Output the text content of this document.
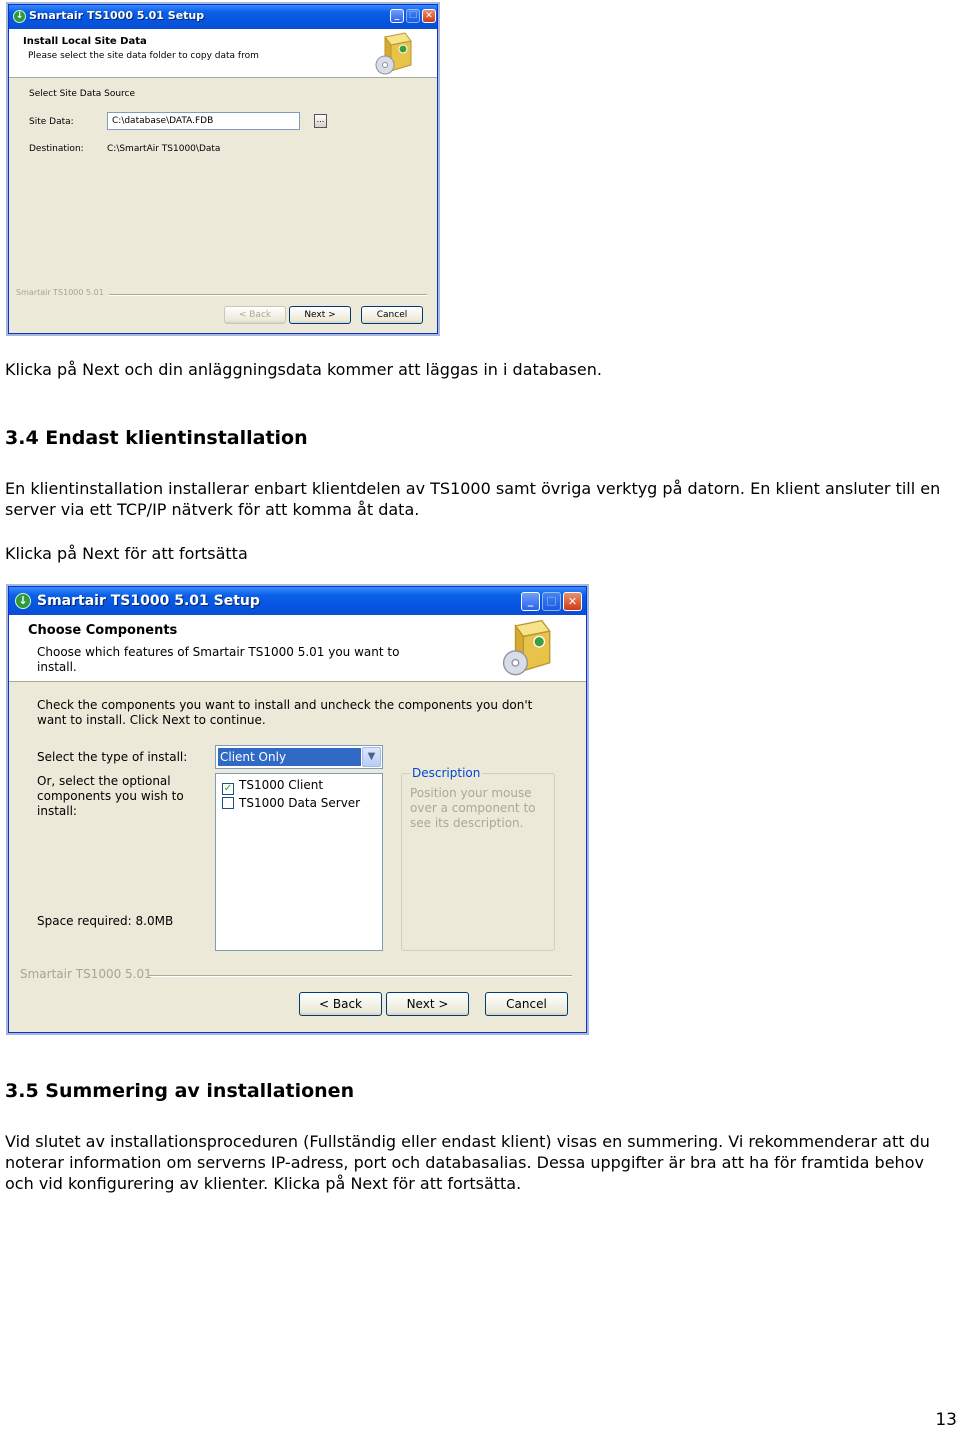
↓ Smartair TS1000 5.01 Setup	_	□ ✕
Install Local Site Data
Please select the site data folder to copy data from
Select Site Data Source
Site Data:	C:\database\DATA.FDB	...
Destination:	C:\SmartAir TS1000\Data
Smartair TS1000 5.01
< Back	Next >	Cancel

Klicka på Next och din anläggningsdata kommer att läggas in i databasen.

3.4 Endast klientinstallation

En klientinstallation installerar enbart klientdelen av TS1000 samt övriga verktyg på datorn. En klient ansluter till en server via ett TCP/IP nätverk för att komma åt data.

Klicka på Next för att fortsätta

↓ Smartair TS1000 5.01 Setup	_	□	✕
Choose Components
Choose which features of Smartair TS1000 5.01 you want to install.
Check the components you want to install and uncheck the components you don't want to install. Click Next to continue.
Select the type of install:	Client Only	▼
Or, select the optional components you wish to install:
✓ TS1000 Client
TS1000 Data Server
Description
Position your mouse over a component to see its description.
Space required: 8.0MB
Smartair TS1000 5.01
< Back	Next >	Cancel
3.5 Summering av installationen

Vid slutet av installationsproceduren (Fullständig eller endast klient) visas en summering. Vi rekommenderar att du noterar information om serverns IP-adress, port och databasalias. Dessa uppgifter är bra att ha för framtida behov och vid konfigurering av klienter. Klicka på Next för att fortsätta.

13
